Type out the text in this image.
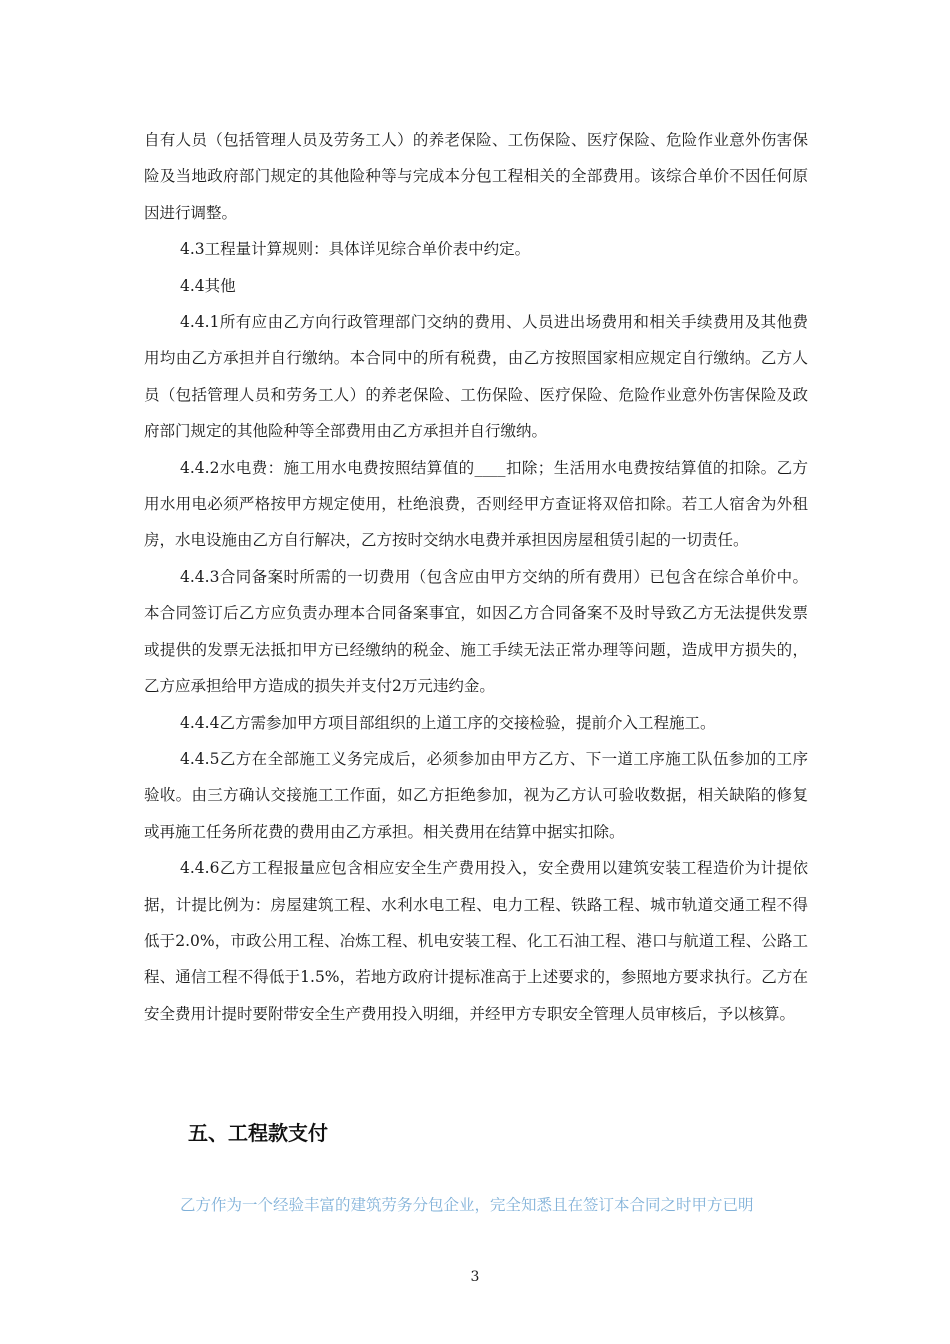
自有人员（包括管理人员及劳务工人）的养老保险、工伤保险、医疗保险、危险作业意外伤害保险及当地政府部门规定的其他险种等与完成本分包工程相关的全部费用。该综合单价不因任何原因进行调整。

4.3工程量计算规则：具体详见综合单价表中约定。

4.4其他

4.4.1所有应由乙方向行政管理部门交纳的费用、人员进出场费用和相关手续费用及其他费用均由乙方承担并自行缴纳。本合同中的所有税费，由乙方按照国家相应规定自行缴纳。乙方人员（包括管理人员和劳务工人）的养老保险、工伤保险、医疗保险、危险作业意外伤害保险及政府部门规定的其他险种等全部费用由乙方承担并自行缴纳。

4.4.2水电费：施工用水电费按照结算值的____扣除；生活用水电费按结算值的扣除。乙方用水用电必须严格按甲方规定使用，杜绝浪费，否则经甲方查证将双倍扣除。若工人宿舍为外租房，水电设施由乙方自行解决，乙方按时交纳水电费并承担因房屋租赁引起的一切责任。

4.4.3合同备案时所需的一切费用（包含应由甲方交纳的所有费用）已包含在综合单价中。本合同签订后乙方应负责办理本合同备案事宜，如因乙方合同备案不及时导致乙方无法提供发票或提供的发票无法抵扣甲方已经缴纳的税金、施工手续无法正常办理等问题，造成甲方损失的，乙方应承担给甲方造成的损失并支付2万元违约金。

4.4.4乙方需参加甲方项目部组织的上道工序的交接检验，提前介入工程施工。

4.4.5乙方在全部施工义务完成后，必须参加由甲方乙方、下一道工序施工队伍参加的工序验收。由三方确认交接施工工作面，如乙方拒绝参加，视为乙方认可验收数据，相关缺陷的修复或再施工任务所花费的费用由乙方承担。相关费用在结算中据实扣除。

4.4.6乙方工程报量应包含相应安全生产费用投入，安全费用以建筑安装工程造价为计提依据，计提比例为：房屋建筑工程、水利水电工程、电力工程、铁路工程、城市轨道交通工程不得低于2.0%，市政公用工程、冶炼工程、机电安装工程、化工石油工程、港口与航道工程、公路工程、通信工程不得低于1.5%，若地方政府计提标准高于上述要求的，参照地方要求执行。乙方在安全费用计提时要附带安全生产费用投入明细，并经甲方专职安全管理人员审核后，予以核算。

五、工程款支付

乙方作为一个经验丰富的建筑劳务分包企业，完全知悉且在签订本合同之时甲方已明

3
